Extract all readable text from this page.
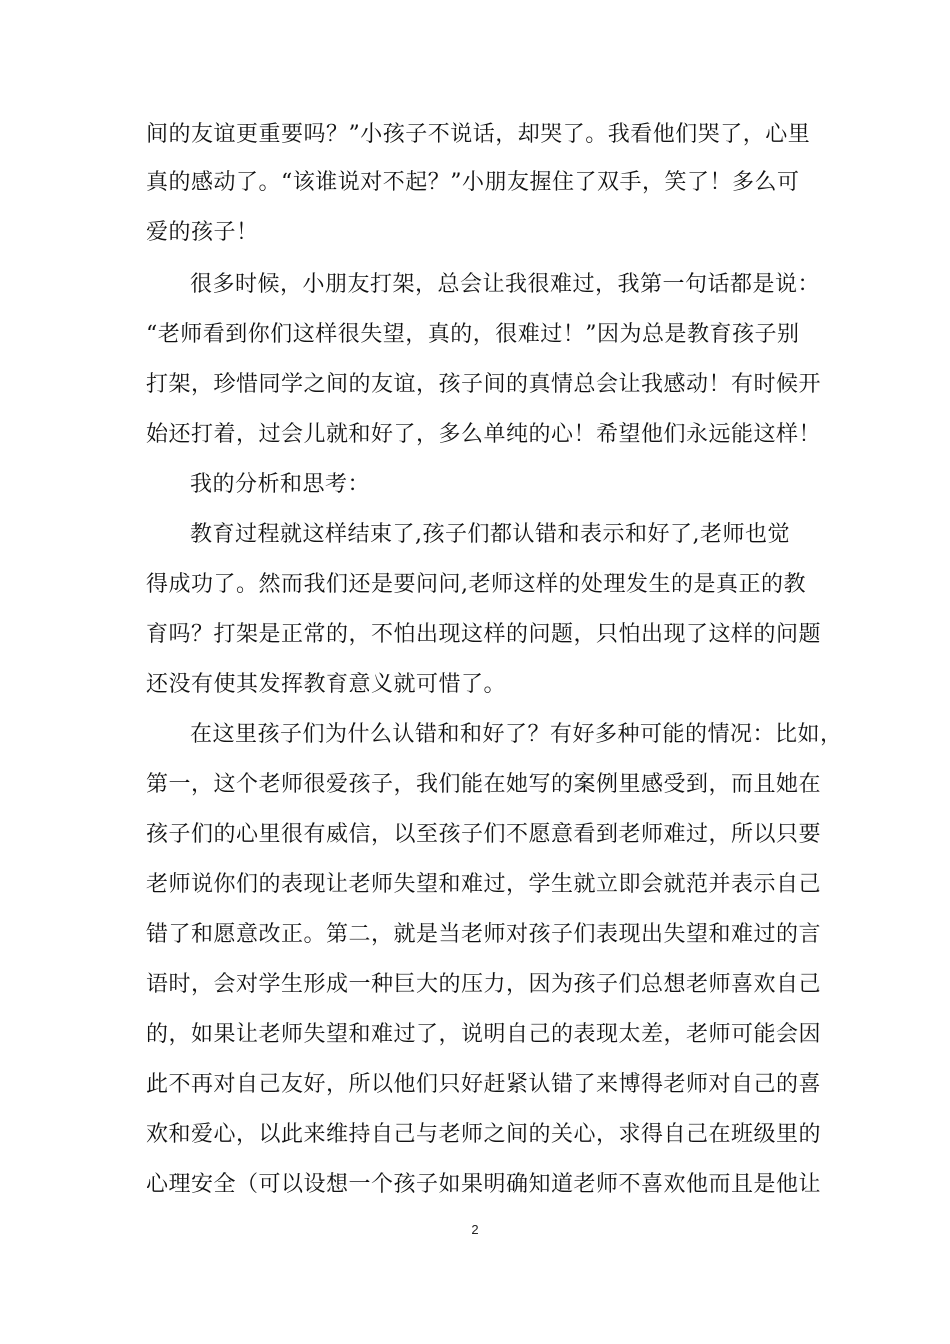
间的友谊更重要吗？”小孩子不说话，却哭了。我看他们哭了，心里
真的感动了。“该谁说对不起？”小朋友握住了双手，笑了！多么可
爱的孩子！
很多时候，小朋友打架，总会让我很难过，我第一句话都是说：
“老师看到你们这样很失望，真的，很难过！”因为总是教育孩子别
打架，珍惜同学之间的友谊，孩子间的真情总会让我感动！有时候开
始还打着，过会儿就和好了，多么单纯的心！希望他们永远能这样！
我的分析和思考：
教育过程就这样结束了,孩子们都认错和表示和好了,老师也觉
得成功了。然而我们还是要问问,老师这样的处理发生的是真正的教
育吗？打架是正常的，不怕出现这样的问题，只怕出现了这样的问题
还没有使其发挥教育意义就可惜了。
在这里孩子们为什么认错和和好了？有好多种可能的情况：比如，
第一，这个老师很爱孩子，我们能在她写的案例里感受到，而且她在
孩子们的心里很有威信，以至孩子们不愿意看到老师难过，所以只要
老师说你们的表现让老师失望和难过，学生就立即会就范并表示自己
错了和愿意改正。第二，就是当老师对孩子们表现出失望和难过的言
语时，会对学生形成一种巨大的压力，因为孩子们总想老师喜欢自己
的，如果让老师失望和难过了，说明自己的表现太差，老师可能会因
此不再对自己友好，所以他们只好赶紧认错了来博得老师对自己的喜
欢和爱心，以此来维持自己与老师之间的关心，求得自己在班级里的
心理安全（可以设想一个孩子如果明确知道老师不喜欢他而且是他让
2
